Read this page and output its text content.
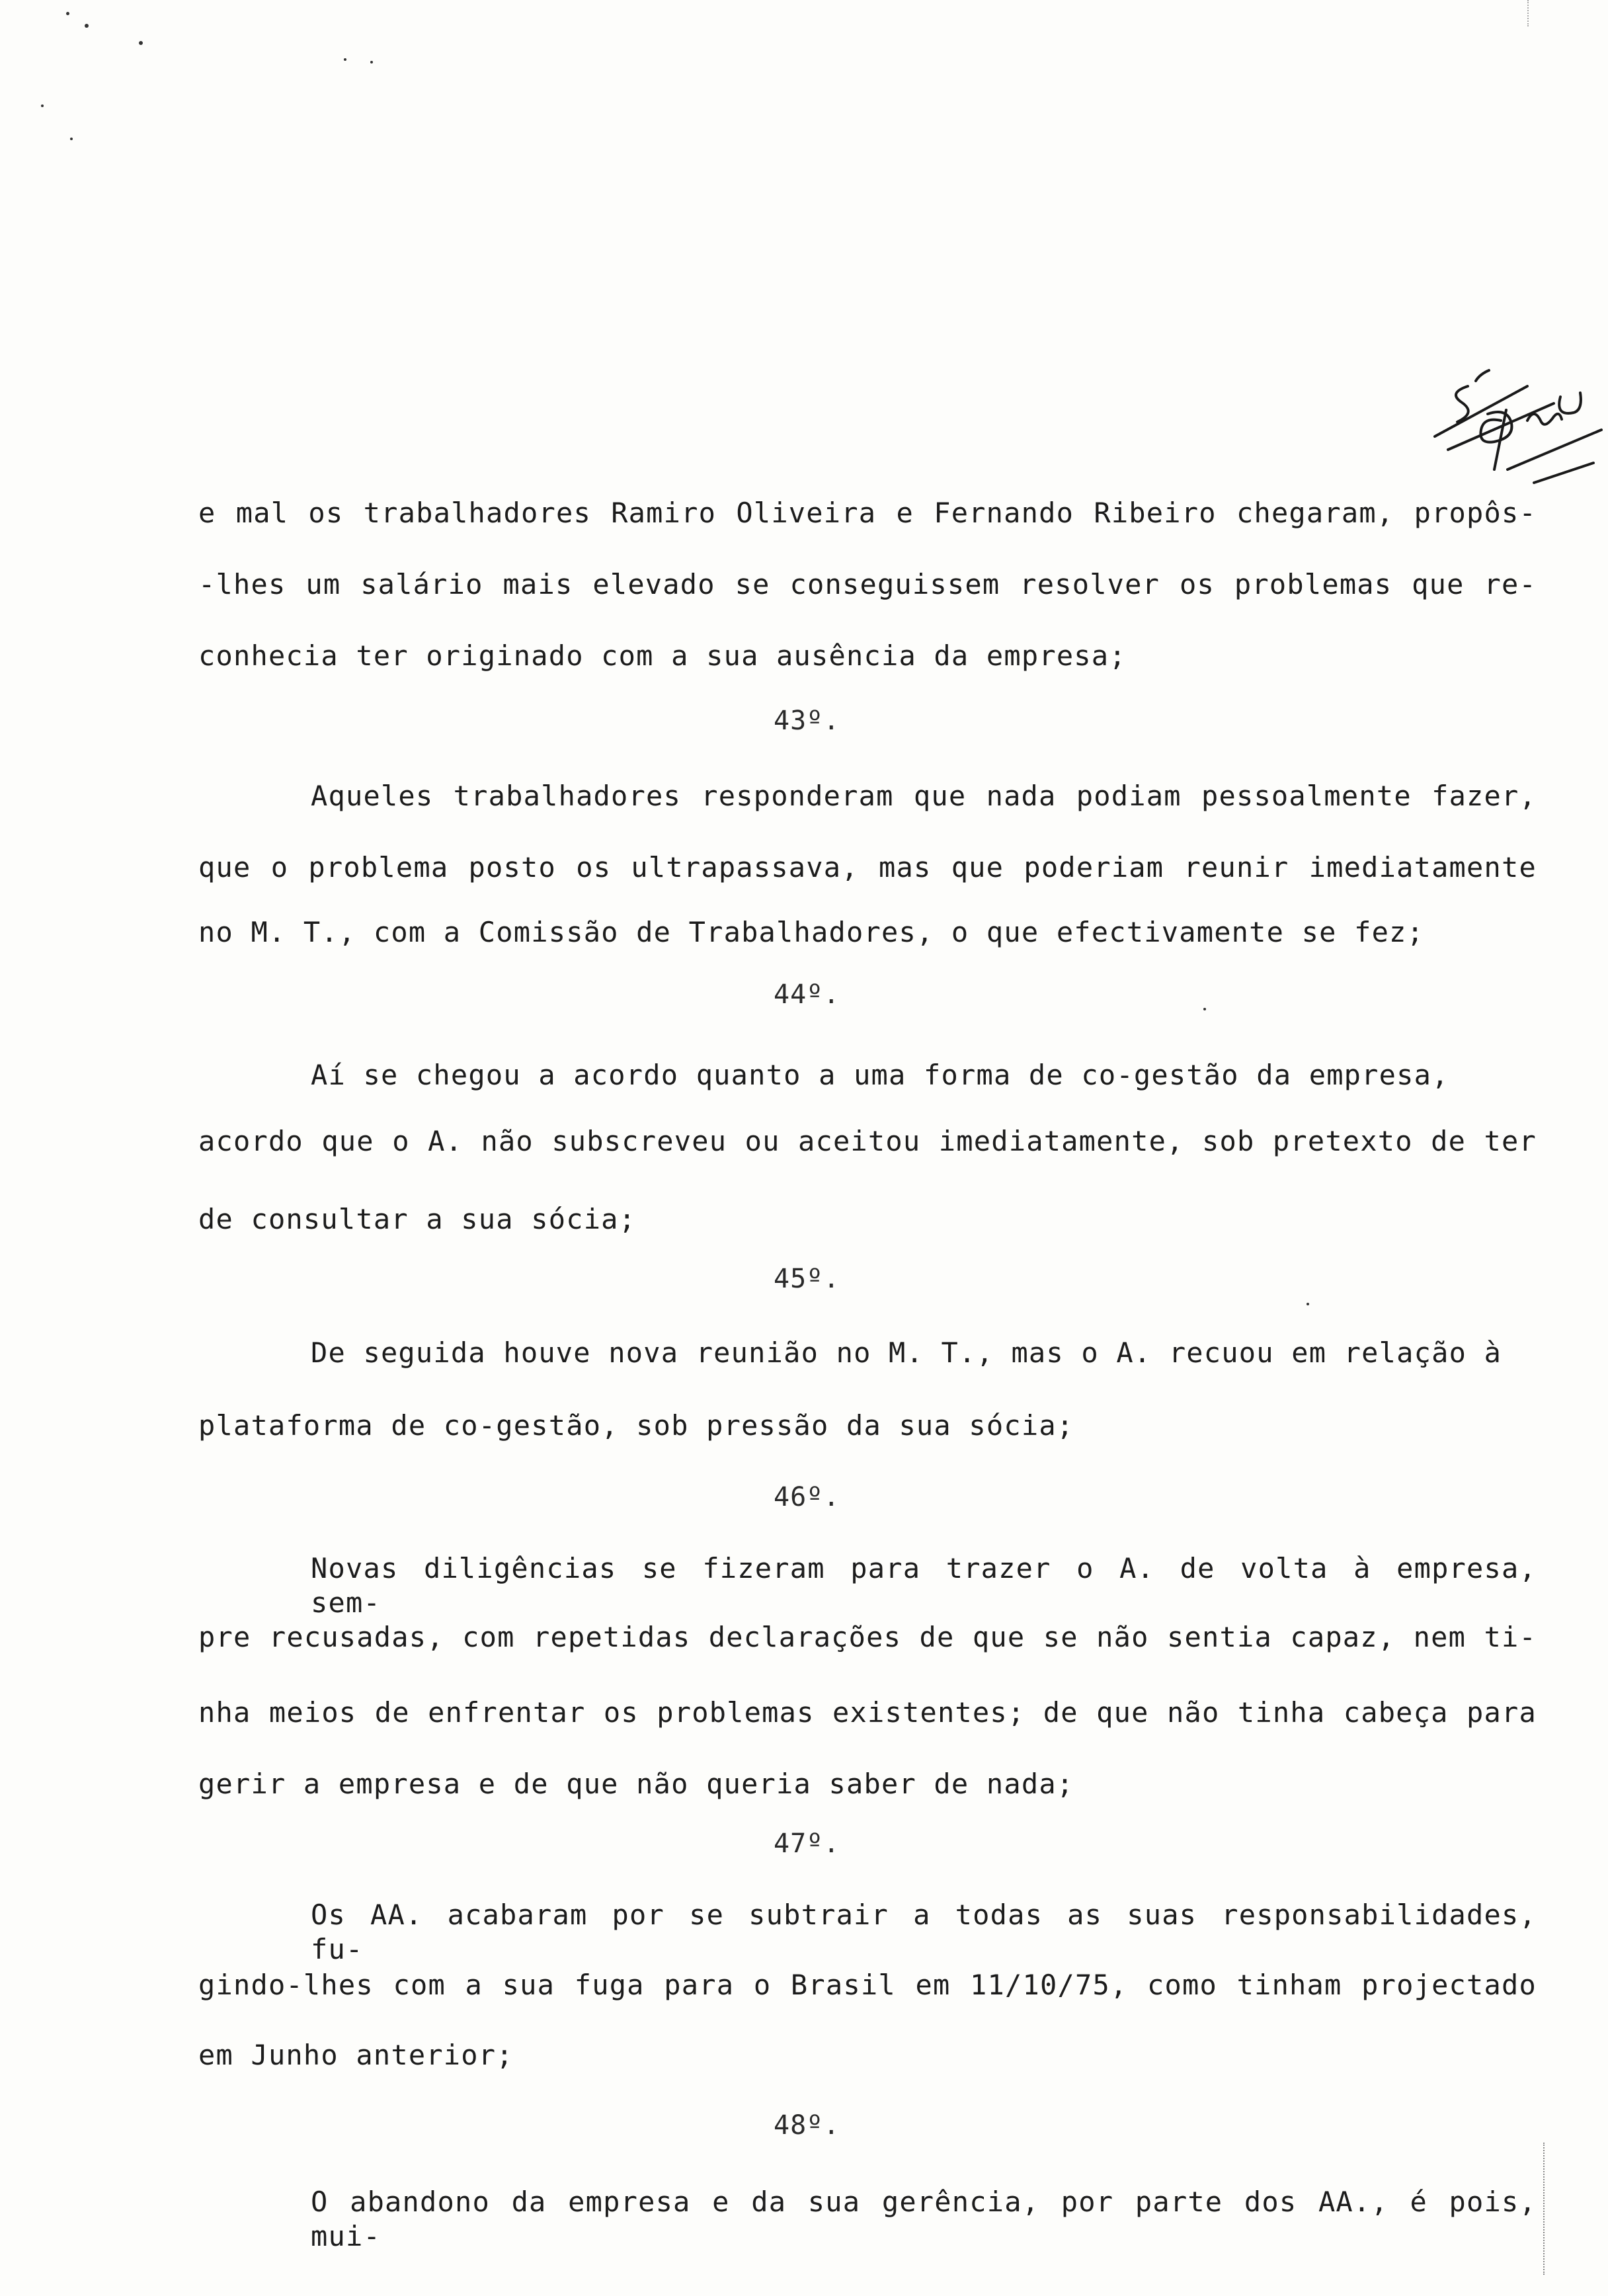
e mal os trabalhadores Ramiro Oliveira e Fernando Ribeiro chegaram, propôs-
-lhes um salário mais elevado se conseguissem resolver os problemas que re-
conhecia ter originado com a sua ausência da empresa;
43º.
Aqueles trabalhadores responderam que nada podiam pessoalmente fazer,
que o problema posto os ultrapassava, mas que poderiam reunir imediatamente
no M. T., com a Comissão de Trabalhadores, o que efectivamente se fez;
44º.
Aí se chegou a acordo quanto a uma forma de co-gestão da empresa,
acordo que o A. não subscreveu ou aceitou imediatamente, sob pretexto de ter
de consultar a sua sócia;
45º.
De seguida houve nova reunião no M. T., mas o A. recuou em relação à
plataforma de co-gestão, sob pressão da sua sócia;
46º.
Novas diligências se fizeram para trazer o A. de volta à empresa, sem-
pre recusadas, com repetidas declarações de que se não sentia capaz, nem ti-
nha meios de enfrentar os problemas existentes; de que não tinha cabeça para
gerir a empresa e de que não queria saber de nada;
47º.
Os AA. acabaram por se subtrair a todas as suas responsabilidades, fu-
gindo-lhes com a sua fuga para o Brasil em 11/10/75, como tinham projectado
em Junho anterior;
48º.
O abandono da empresa e da sua gerência, por parte dos AA., é pois, mui-
